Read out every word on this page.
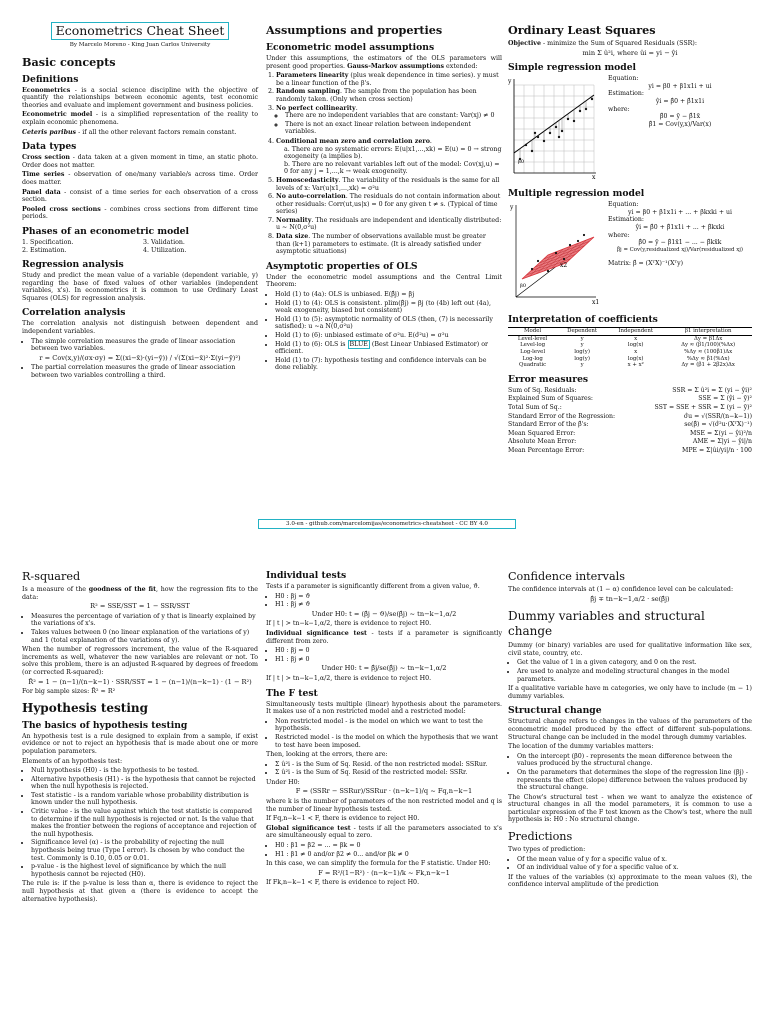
Econometrics Cheat Sheet
By Marcelo Moreno - King Juan Carlos University
Basic concepts
Definitions

Econometrics - is a social science discipline with the objective of quantify the relationships between economic agents, test economic theories and evaluate and implement government and business policies.

Econometric model - is a simplified representation of the reality to explain economic phenomena.

Ceteris paribus - if all the other relevant factors remain constant.

Data types

Cross section - data taken at a given moment in time, an static photo. Order does not matter.

Time series - observation of one/many variable/s across time. Order does matter.

Panel data - consist of a time series for each observation of a cross section.

Pooled cross sections - combines cross sections from different time periods.

Phases of an econometric model
1. Specification.	3. Validation.
2. Estimation.	4. Utilization.
Regression analysis

Study and predict the mean value of a variable (dependent variable, y) regarding the base of fixed values of other variables (independent variables, x's). In econometrics it is common to use Ordinary Least Squares (OLS) for regression analysis.

Correlation analysis

The correlation analysis not distinguish between dependent and independent variables.

• The simple correlation measures the grade of linear association between two variables.
r = Cov(x,y)/(σx·σy) = Σ((xi−x̄)·(yi−ȳ)) / √(Σ(xi−x̄)²·Σ(yi−ȳ)²)
• The partial correlation measures the grade of linear association between two variables controlling a third.
Assumptions and properties
Econometric model assumptions

Under this assumptions, the estimators of the OLS parameters will present good properties. Gauss-Markov assumptions extended:

1. Parameters linearity (plus weak dependence in time series). y must be a linear function of the β's.
2. Random sampling. The sample from the population has been randomly taken. (Only when cross section)
3. No perfect collinearity.
◦ There are no independent variables that are constant: Var(xj) ≠ 0
◦ There is not an exact linear relation between independent variables.
4. Conditional mean zero and correlation zero.
a. There are no systematic errors: E(u|x1,...,xk) = E(u) = 0 → strong exogeneity (a implies b).
b. There are no relevant variables left out of the model: Cov(xj,u) = 0 for any j = 1,...,k → weak exogeneity.
5. Homoscedasticity. The variability of the residuals is the same for all levels of x: Var(u|x1,...,xk) = σ²u
6. No auto-correlation. The residuals do not contain information about other residuals: Corr(ut,us|x) = 0 for any given t ≠ s. (Typical of time series)
7. Normality. The residuals are independent and identically distributed: u ~ N(0,σ²u)
8. Data size. The number of observations available must be greater than (k+1) parameters to estimate. (It is already satisfied under asymptotic situations)
Asymptotic properties of OLS

Under the econometric model assumptions and the Central Limit Theorem:

• Hold (1) to (4a): OLS is unbiased. E(β̂j) = βj
• Hold (1) to (4): OLS is consistent. plim(β̂j) = βj (to (4b) left out (4a), weak exogeneity, biased but consistent)
• Hold (1) to (5): asymptotic normality of OLS (then, (7) is necessarily satisfied): u ~a N(0,σ²u)
• Hold (1) to (6): unbiased estimate of σ²u. E(σ̂²u) = σ²u
• Hold (1) to (6): OLS is BLUE (Best Linear Unbiased Estimator) or efficient.
• Hold (1) to (7): hypothesis testing and confidence intervals can be done reliably.
Ordinary Least Squares

Objective - minimize the Sum of Squared Residuals (SSR):

min Σ û²i, where ûi = yi − ŷi
Simple regression model
y
x
β0
Equation:
yi = β0 + β1x1i + ui
Estimation:
ŷi = β̂0 + β̂1x1i
where:
β̂0 = ȳ − β̂1x̄
β̂1 = Cov(y,x)/Var(x)
Multiple regression model
y
x1
x2
β0
Equation:
yi = β0 + β1x1i + ... + βkxki + ui
Estimation:
ŷi = β̂0 + β̂1x1i + ... + β̂kxki
where:
β̂0 = ȳ − β̂1x̄1 − ... − β̂kx̄k
β̂j = Cov(y,residualized xj)/Var(residualized xj)
Matrix: β̂ = (XᵀX)⁻¹(Xᵀy)
Interpretation of coefficients
Model	Dependent	Independent	β1 interpretation
Level-level	y	x	Δy = β1Δx
Level-log	y	log(x)	Δy ≈ (β1/100)(%Δx)
Log-level	log(y)	x	%Δy ≈ (100β1)Δx
Log-log	log(y)	log(x)	%Δy ≈ β1(%Δx)
Quadratic	y	x + x²	Δy = (β1 + 2β2x)Δx
Error measures
Sum of Sq. Residuals:	SSR = Σ û²i = Σ (yi − ŷi)²
Explained Sum of Squares:	SSE = Σ (ŷi − ȳ)²
Total Sum of Sq.:	SST = SSE + SSR = Σ (yi − ȳ)²
Standard Error of the Regression:	σ̂u = √(SSR/(n−k−1))
Standard Error of the β̂'s:	se(β̂) = √(σ̂²u·(XᵀX)⁻¹)
Mean Squared Error:	MSE = Σ(yi − ŷi)²/n
Absolute Mean Error:	AME = Σ|yi − ŷi|/n
Mean Percentage Error:	MPE = Σ|ûi/yi|/n · 100
3.0-en - github.com/marcelomijas/econometrics-cheatsheet - CC BY 4.0
R-squared

Is a measure of the goodness of the fit, how the regression fits to the data:

R² = SSE/SST = 1 − SSR/SST
• Measures the percentage of variation of y that is linearly explained by the variations of x's.
• Takes values between 0 (no linear explanation of the variations of y) and 1 (total explanation of the variations of y).

When the number of regressors increment, the value of the R-squared increments as well, whatever the new variables are relevant or not. To solve this problem, there is an adjusted R-squared by degrees of freedom (or corrected R-squared):

R̄² = 1 − (n−1)/(n−k−1) · SSR/SST = 1 − (n−1)/(n−k−1) · (1 − R²)

For big sample sizes: R̄² ≈ R²

Hypothesis testing
The basics of hypothesis testing

An hypothesis test is a rule designed to explain from a sample, if exist evidence or not to reject an hypothesis that is made about one or more population parameters.

Elements of an hypothesis test:

• Null hypothesis (H0) - is the hypothesis to be tested.
• Alternative hypothesis (H1) - is the hypothesis that cannot be rejected when the null hypothesis is rejected.
• Test statistic - is a random variable whose probability distribution is known under the null hypothesis.
• Critic value - is the value against which the test statistic is compared to determine if the null hypothesis is rejected or not. Is the value that makes the frontier between the regions of acceptance and rejection of the null hypothesis.
• Significance level (α) - is the probability of rejecting the null hypothesis being true (Type I error). Is chosen by who conduct the test. Commonly is 0.10, 0.05 or 0.01.
• p-value - is the highest level of significance by which the null hypothesis cannot be rejected (H0).

The rule is: if the p-value is less than α, there is evidence to reject the null hypothesis at that given α (there is evidence to accept the alternative hypothesis).

Individual tests

Tests if a parameter is significantly different from a given value, ϑ.

• H0 : βj = ϑ
• H1 : βj ≠ ϑ
Under H0: t = (β̂j − ϑ)/se(β̂j) ~ tn−k−1,α/2

If | t | > tn−k−1,α/2, there is evidence to reject H0.

Individual significance test - tests if a parameter is significantly different from zero.

• H0 : βj = 0
• H1 : βj ≠ 0
Under H0: t = β̂j/se(β̂j) ~ tn−k−1,α/2

If | t | > tn−k−1,α/2, there is evidence to reject H0.

The F test

Simultaneously tests multiple (linear) hypothesis about the parameters. It makes use of a non restricted model and a restricted model:

• Non restricted model - is the model on which we want to test the hypothesis.
• Restricted model - is the model on which the hypothesis that we want to test have been imposed.

Then, looking at the errors, there are:

• Σ û²i - is the Sum of Sq. Resid. of the non restricted model: SSRur.
• Σ û²i - is the Sum of Sq. Resid of the restricted model: SSRr.

Under H0:

F = (SSRr − SSRur)/SSRur · (n−k−1)/q ~ Fq,n−k−1

where k is the number of parameters of the non restricted model and q is the number of linear hypothesis tested.

If Fq,n−k−1 < F, there is evidence to reject H0.

Global significance test - tests if all the parameters associated to x's are simultaneously equal to zero.

• H0 : β1 = β2 = ... = βk = 0
• H1 : β1 ≠ 0 and/or β2 ≠ 0... and/or βk ≠ 0

In this case, we can simplify the formula for the F statistic. Under H0:

F = R²/(1−R²) · (n−k−1)/k ~ Fk,n−k−1

If Fk,n−k−1 < F, there is evidence to reject H0.

Confidence intervals

The confidence intervals at (1 − α) confidence level can be calculated:

β̂j ∓ tn−k−1,α/2 · se(β̂j)
Dummy variables and structural change

Dummy (or binary) variables are used for qualitative information like sex, civil state, country, etc.

• Get the value of 1 in a given category, and 0 on the rest.
• Are used to analyze and modeling structural changes in the model parameters.

If a qualitative variable have m categories, we only have to include (m − 1) dummy variables.

Structural change

Structural change refers to changes in the values of the parameters of the econometric model produced by the effect of different sub-populations. Structural change can be included in the model through dummy variables.

The location of the dummy variables matters:

• On the intercept (β0) - represents the mean difference between the values produced by the structural change.
• On the parameters that determines the slope of the regression line (βj) - represents the effect (slope) difference between the values produced by the structural change.

The Chow's structural test - when we want to analyze the existence of structural changes in all the model parameters, it is common to use a particular expression of the F test known as the Chow's test, where the null hypothesis is: H0 : No structural change.

Predictions

Two types of prediction:

• Of the mean value of y for a specific value of x.
• Of an individual value of y for a specific value of x.

If the values of the variables (x) approximate to the mean values (x̄), the confidence interval amplitude of the prediction
